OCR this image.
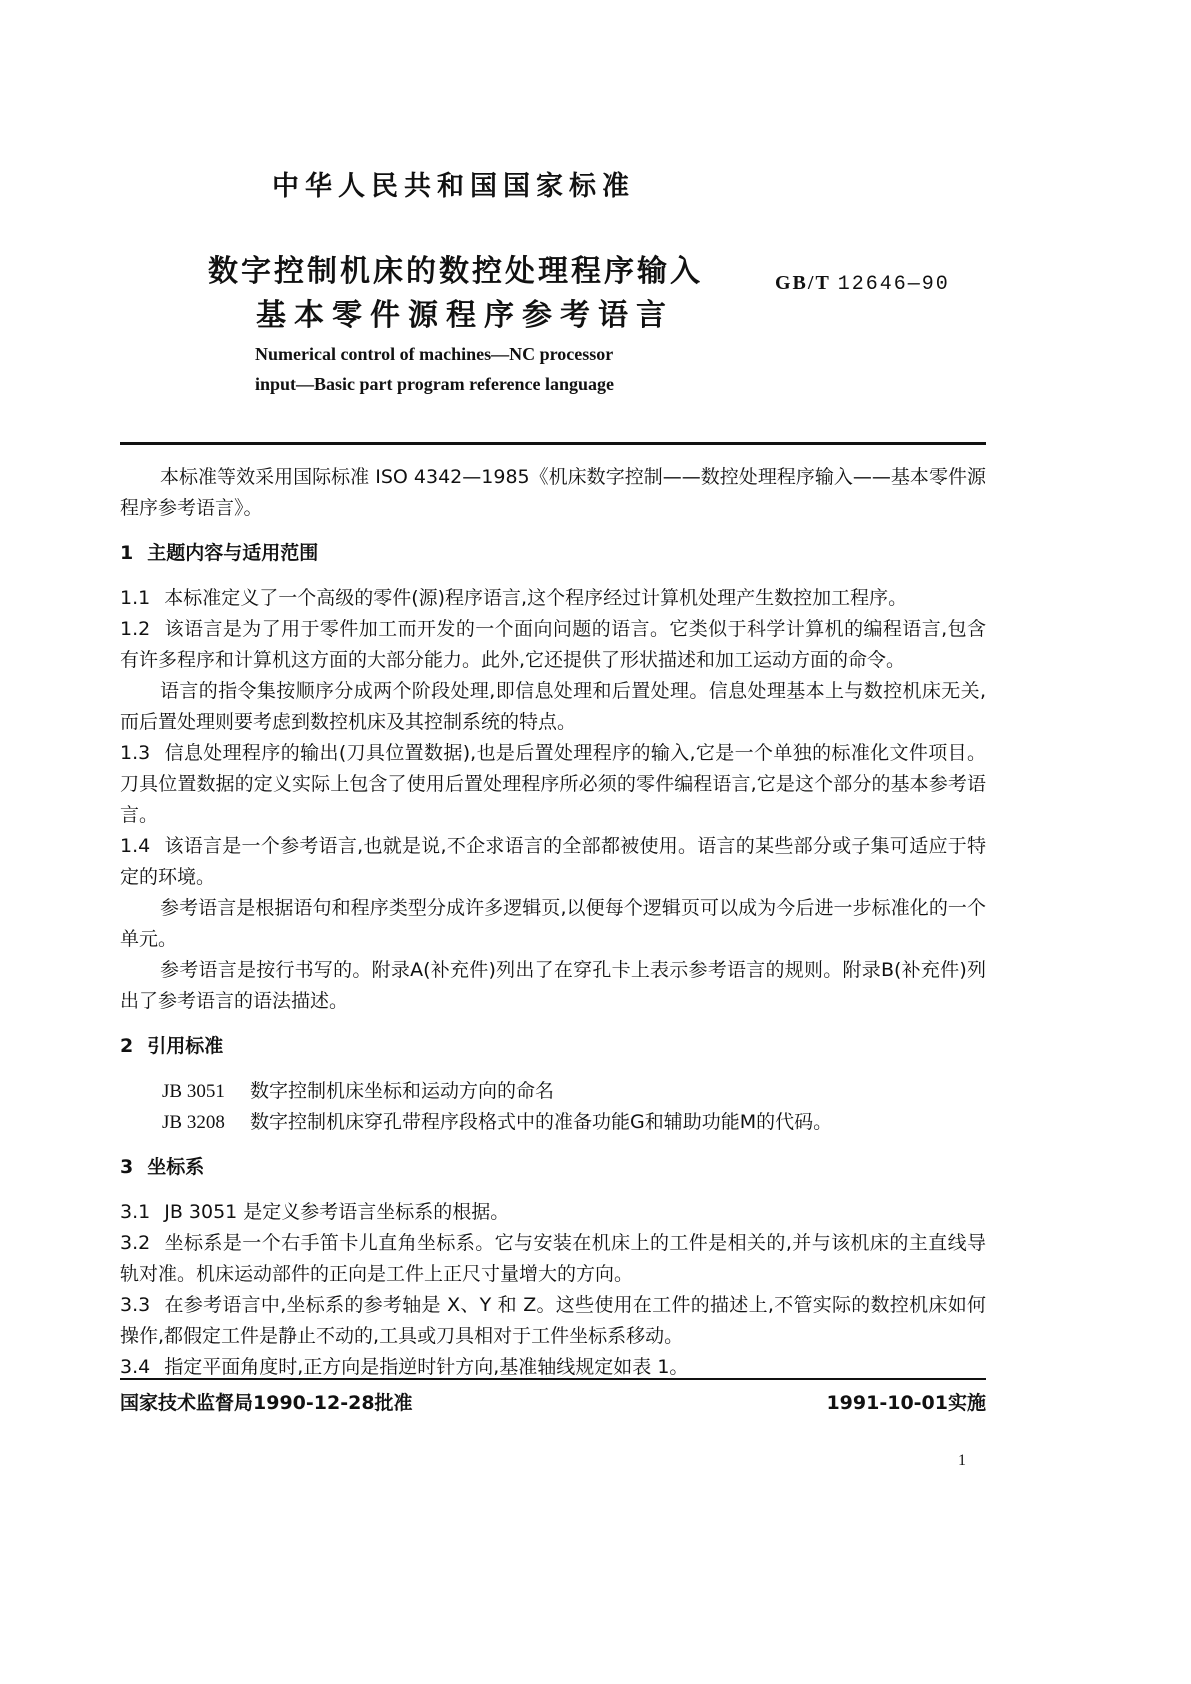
中华人民共和国国家标准
数字控制机床的数控处理程序输入
基本零件源程序参考语言
GB/T 12646—90
Numerical control of machines—NC processor
input—Basic part program reference language

本标准等效采用国际标准 ISO 4342—1985《机床数字控制——数控处理程序输入——基本零件源程序参考语言》。

1 主题内容与适用范围

1.1 本标准定义了一个高级的零件(源)程序语言,这个程序经过计算机处理产生数控加工程序。

1.2 该语言是为了用于零件加工而开发的一个面向问题的语言。它类似于科学计算机的编程语言,包含有许多程序和计算机这方面的大部分能力。此外,它还提供了形状描述和加工运动方面的命令。

语言的指令集按顺序分成两个阶段处理,即信息处理和后置处理。信息处理基本上与数控机床无关,而后置处理则要考虑到数控机床及其控制系统的特点。

1.3 信息处理程序的输出(刀具位置数据),也是后置处理程序的输入,它是一个单独的标准化文件项目。刀具位置数据的定义实际上包含了使用后置处理程序所必须的零件编程语言,它是这个部分的基本参考语言。

1.4 该语言是一个参考语言,也就是说,不企求语言的全部都被使用。语言的某些部分或子集可适应于特定的环境。

参考语言是根据语句和程序类型分成许多逻辑页,以便每个逻辑页可以成为今后进一步标准化的一个单元。

参考语言是按行书写的。附录A(补充件)列出了在穿孔卡上表示参考语言的规则。附录B(补充件)列出了参考语言的语法描述。

2 引用标准

JB 3051 数字控制机床坐标和运动方向的命名

JB 3208 数字控制机床穿孔带程序段格式中的准备功能G和辅助功能M的代码。

3 坐标系

3.1 JB 3051 是定义参考语言坐标系的根据。

3.2 坐标系是一个右手笛卡儿直角坐标系。它与安装在机床上的工件是相关的,并与该机床的主直线导轨对准。机床运动部件的正向是工件上正尺寸量增大的方向。

3.3 在参考语言中,坐标系的参考轴是 X、Y 和 Z。这些使用在工件的描述上,不管实际的数控机床如何操作,都假定工件是静止不动的,工具或刀具相对于工件坐标系移动。

3.4 指定平面角度时,正方向是指逆时针方向,基准轴线规定如表 1。

国家技术监督局1990-12-28批准	1991-10-01实施
1
